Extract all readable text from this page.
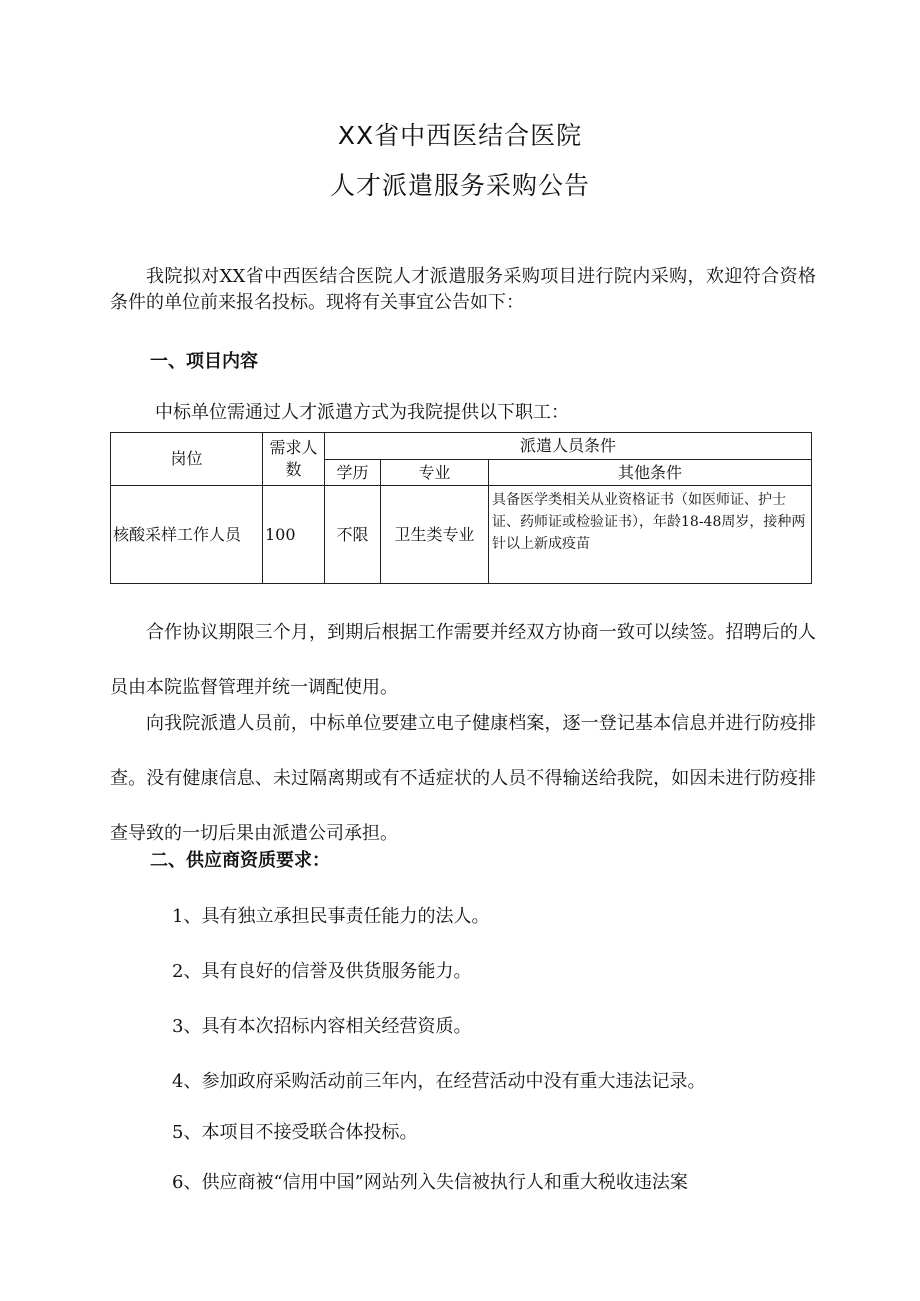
XX省中西医结合医院
人才派遣服务采购公告

我院拟对XX省中西医结合医院人才派遣服务采购项目进行院内采购，欢迎符合资格条件的单位前来报名投标。现将有关事宜公告如下：

一、项目内容

中标单位需通过人才派遣方式为我院提供以下职工：

岗位	需求人数	派遣人员条件		
		学历	专业	其他条件
核酸采样工作人员	100	不限	卫生类专业	具备医学类相关从业资格证书（如医师证、护士证、药师证或检验证书），年龄18-48周岁，接种两针以上新成疫苗

合作协议期限三个月，到期后根据工作需要并经双方协商一致可以续签。招聘后的人员由本院监督管理并统一调配使用。

向我院派遣人员前，中标单位要建立电子健康档案，逐一登记基本信息并进行防疫排查。没有健康信息、未过隔离期或有不适症状的人员不得输送给我院，如因未进行防疫排查导致的一切后果由派遣公司承担。

二、供应商资质要求：

1、具有独立承担民事责任能力的法人。

2、具有良好的信誉及供货服务能力。

3、具有本次招标内容相关经营资质。

4、参加政府采购活动前三年内，在经营活动中没有重大违法记录。

5、本项目不接受联合体投标。

6、供应商被“信用中国”网站列入失信被执行人和重大税收违法案
